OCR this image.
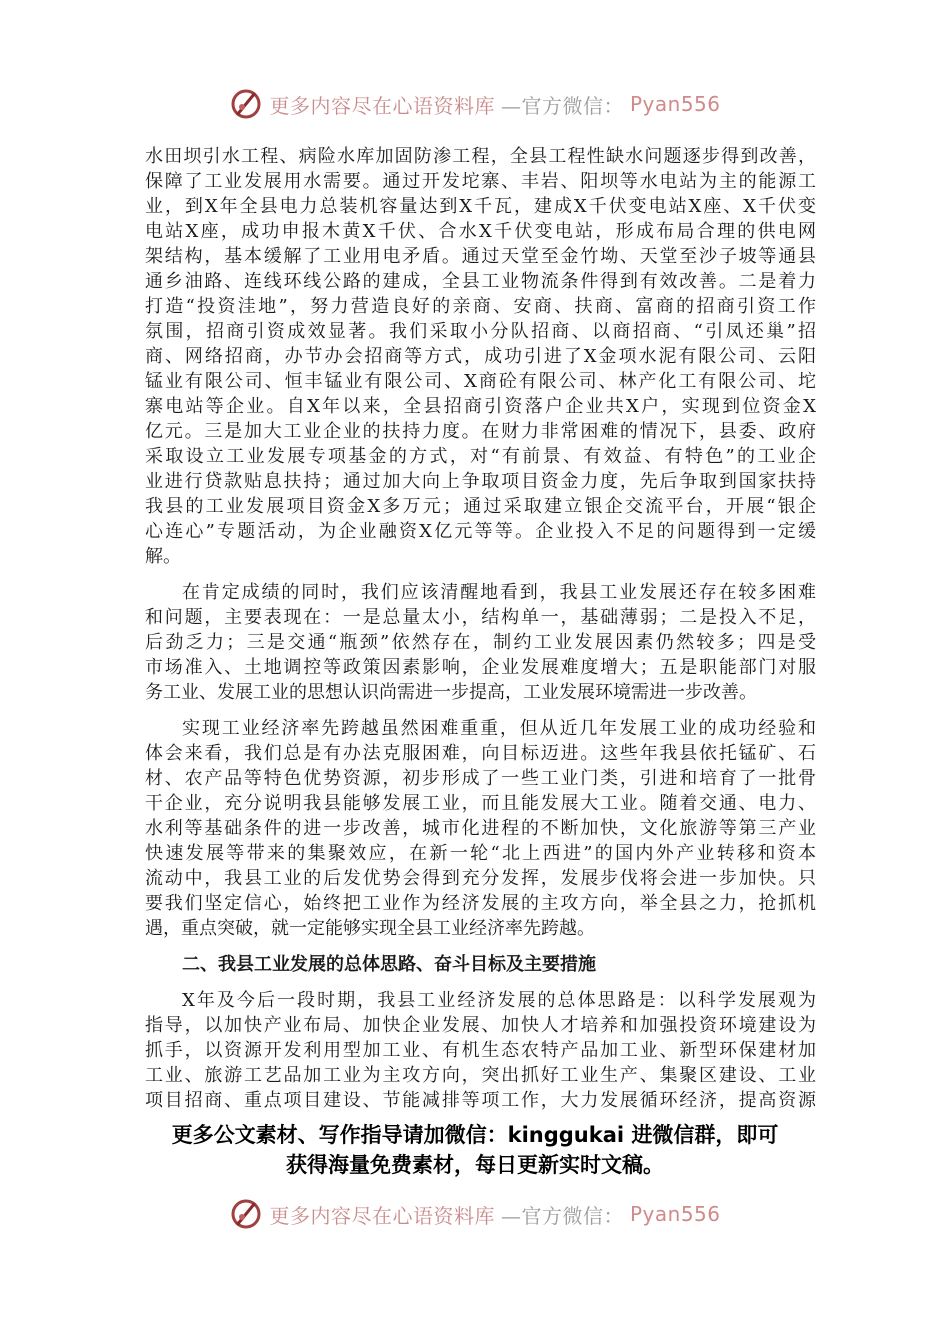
更多内容尽在心语资料库 —官方微信： Pyan556
水田坝引水工程、病险水库加固防渗工程，全县工程性缺水问题逐步得到改善，
保障了工业发展用水需要。通过开发坨寨、丰岩、阳坝等水电站为主的能源工
业，到X年全县电力总装机容量达到X千瓦，建成X千伏变电站X座、X千伏变
电站X座，成功申报木黄X千伏、合水X千伏变电站，形成布局合理的供电网
架结构，基本缓解了工业用电矛盾。通过天堂至金竹坳、天堂至沙子坡等通县
通乡油路、连线环线公路的建成，全县工业物流条件得到有效改善。二是着力
打造“投资洼地”，努力营造良好的亲商、安商、扶商、富商的招商引资工作
氛围，招商引资成效显著。我们采取小分队招商、以商招商、“引凤还巢”招
商、网络招商，办节办会招商等方式，成功引进了X金项水泥有限公司、云阳
锰业有限公司、恒丰锰业有限公司、X商砼有限公司、林产化工有限公司、坨
寨电站等企业。自X年以来，全县招商引资落户企业共X户，实现到位资金X
亿元。三是加大工业企业的扶持力度。在财力非常困难的情况下，县委、政府
采取设立工业发展专项基金的方式，对“有前景、有效益、有特色”的工业企
业进行贷款贴息扶持；通过加大向上争取项目资金力度，先后争取到国家扶持
我县的工业发展项目资金X多万元；通过采取建立银企交流平台，开展“银企
心连心”专题活动，为企业融资X亿元等等。企业投入不足的问题得到一定缓
解。
在肯定成绩的同时，我们应该清醒地看到，我县工业发展还存在较多困难
和问题，主要表现在：一是总量太小，结构单一，基础薄弱；二是投入不足，
后劲乏力；三是交通“瓶颈”依然存在，制约工业发展因素仍然较多；四是受
市场准入、土地调控等政策因素影响，企业发展难度增大；五是职能部门对服
务工业、发展工业的思想认识尚需进一步提高，工业发展环境需进一步改善。
实现工业经济率先跨越虽然困难重重，但从近几年发展工业的成功经验和
体会来看，我们总是有办法克服困难，向目标迈进。这些年我县依托锰矿、石
材、农产品等特色优势资源，初步形成了一些工业门类，引进和培育了一批骨
干企业，充分说明我县能够发展工业，而且能发展大工业。随着交通、电力、
水利等基础条件的进一步改善，城市化进程的不断加快，文化旅游等第三产业
快速发展等带来的集聚效应，在新一轮“北上西进”的国内外产业转移和资本
流动中，我县工业的后发优势会得到充分发挥，发展步伐将会进一步加快。只
要我们坚定信心，始终把工业作为经济发展的主攻方向，举全县之力，抢抓机
遇，重点突破，就一定能够实现全县工业经济率先跨越。
二、我县工业发展的总体思路、奋斗目标及主要措施
X年及今后一段时期，我县工业经济发展的总体思路是：以科学发展观为
指导，以加快产业布局、加快企业发展、加快人才培养和加强投资环境建设为
抓手，以资源开发利用型加工业、有机生态农特产品加工业、新型环保建材加
工业、旅游工艺品加工业为主攻方向，突出抓好工业生产、集聚区建设、工业
项目招商、重点项目建设、节能减排等项工作，大力发展循环经济，提高资源
更多公文素材、写作指导请加微信：kinggukai 进微信群，即可
获得海量免费素材，每日更新实时文稿。
更多内容尽在心语资料库 —官方微信： Pyan556
